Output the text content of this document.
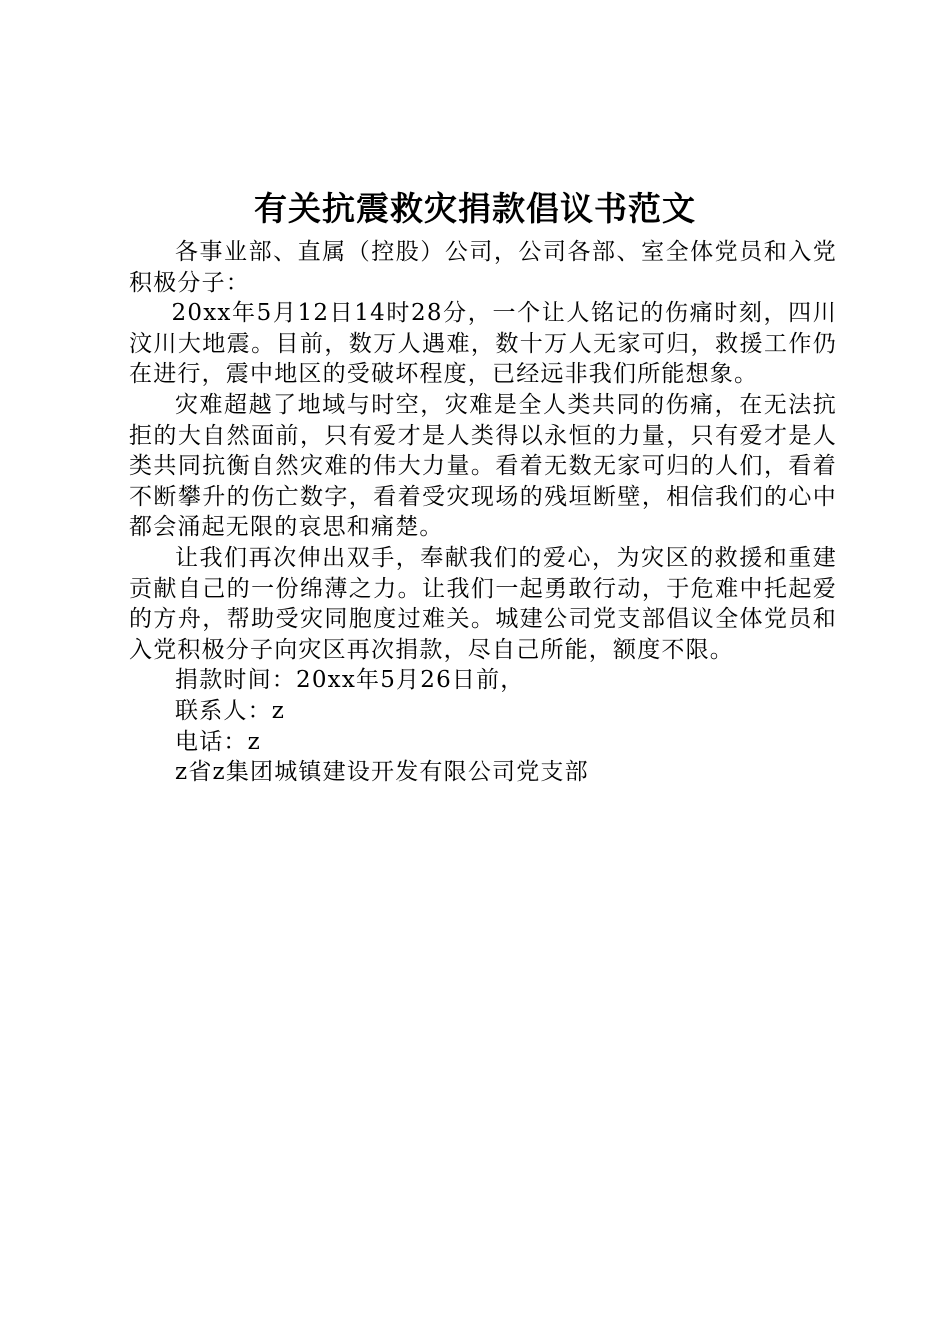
有关抗震救灾捐款倡议书范文

各事业部、直属（控股）公司，公司各部、室全体党员和入党积极分子：

20xx年5月12日14时28分，一个让人铭记的伤痛时刻，四川汶川大地震。目前，数万人遇难，数十万人无家可归，救援工作仍在进行，震中地区的受破坏程度，已经远非我们所能想象。

灾难超越了地域与时空，灾难是全人类共同的伤痛，在无法抗拒的大自然面前，只有爱才是人类得以永恒的力量，只有爱才是人类共同抗衡自然灾难的伟大力量。看着无数无家可归的人们，看着不断攀升的伤亡数字，看着受灾现场的残垣断壁，相信我们的心中都会涌起无限的哀思和痛楚。

让我们再次伸出双手，奉献我们的爱心，为灾区的救援和重建贡献自己的一份绵薄之力。让我们一起勇敢行动，于危难中托起爱的方舟，帮助受灾同胞度过难关。城建公司党支部倡议全体党员和入党积极分子向灾区再次捐款，尽自己所能，额度不限。

捐款时间：20xx年5月26日前，

联系人：z

电话：z

z省z集团城镇建设开发有限公司党支部
